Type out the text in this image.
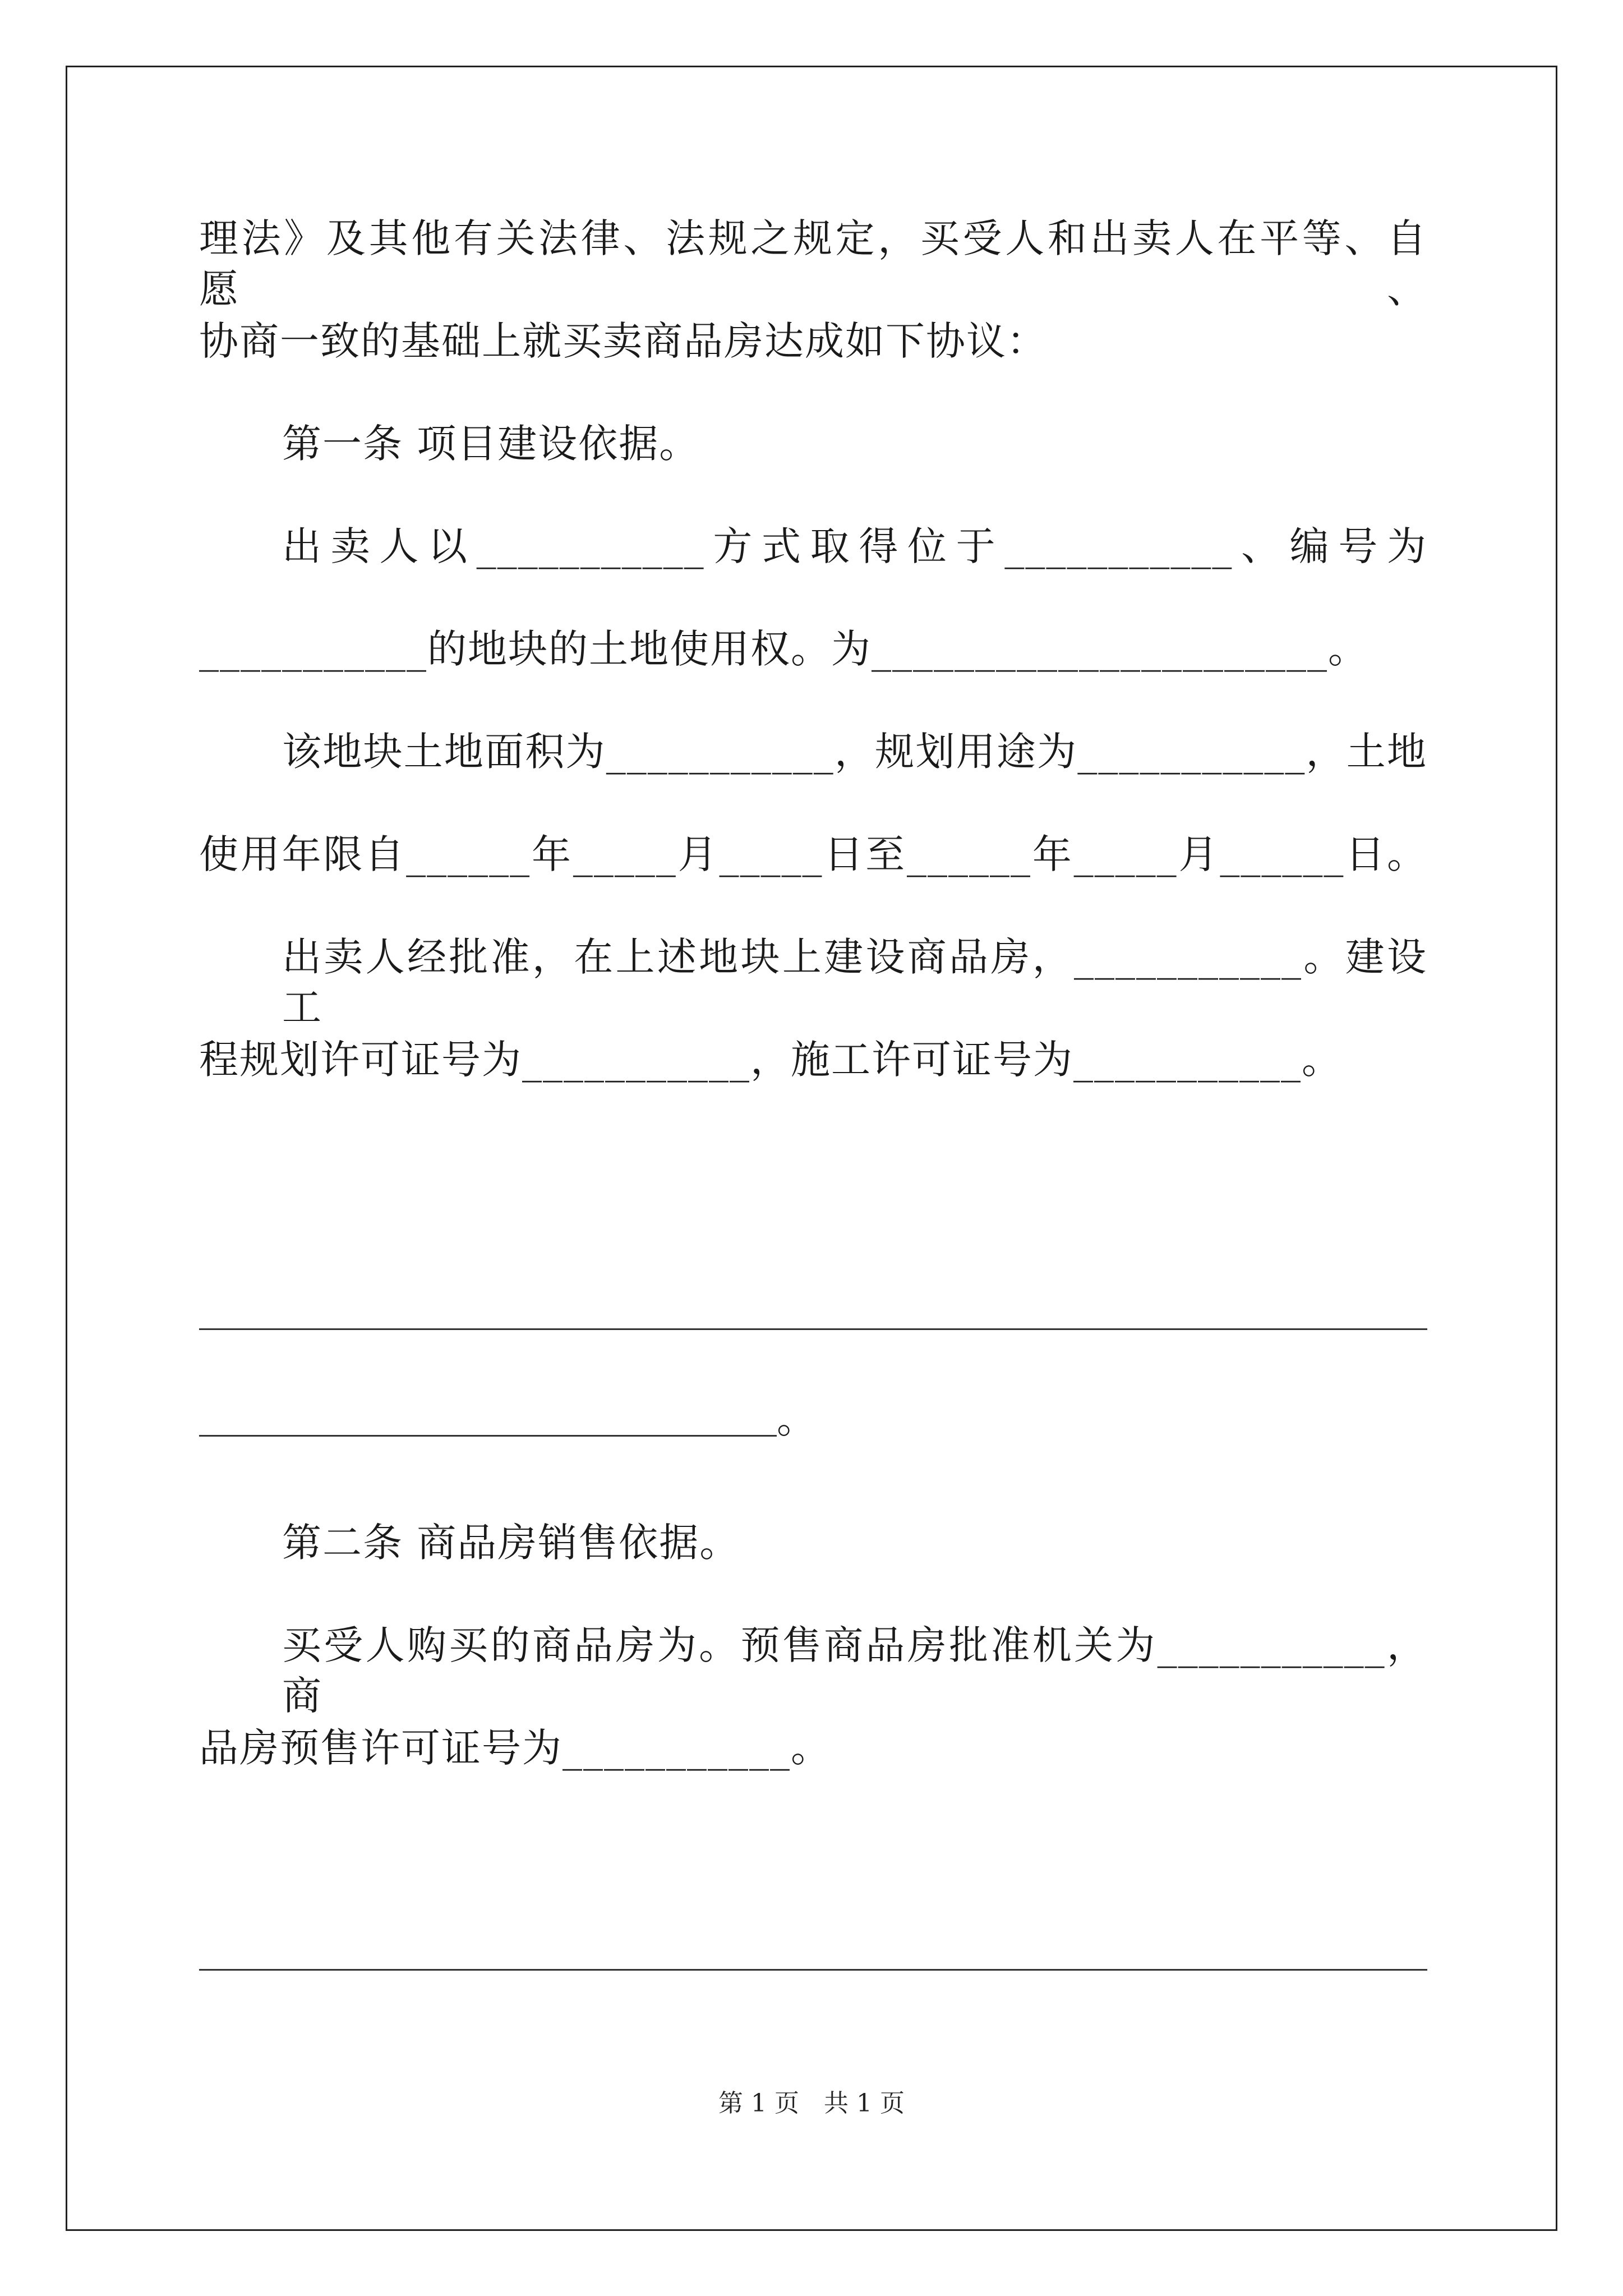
理法》及其他有关法律、法规之规定，买受人和出卖人在平等、自愿、
协商一致的基础上就买卖商品房达成如下协议：
第一条 项目建设依据。
出卖人以___________方式取得位于___________、编号为
___________的地块的土地使用权。为______________________。
该地块土地面积为___________，规划用途为___________，土地
使用年限自______年_____月_____日至______年_____月______日。
出卖人经批准，在上述地块上建设商品房，___________。建设工
程规划许可证号为___________，施工许可证号为___________。
。
第二条 商品房销售依据。
买受人购买的商品房为。预售商品房批准机关为___________，商
品房预售许可证号为___________。
第 1 页　共 1 页
